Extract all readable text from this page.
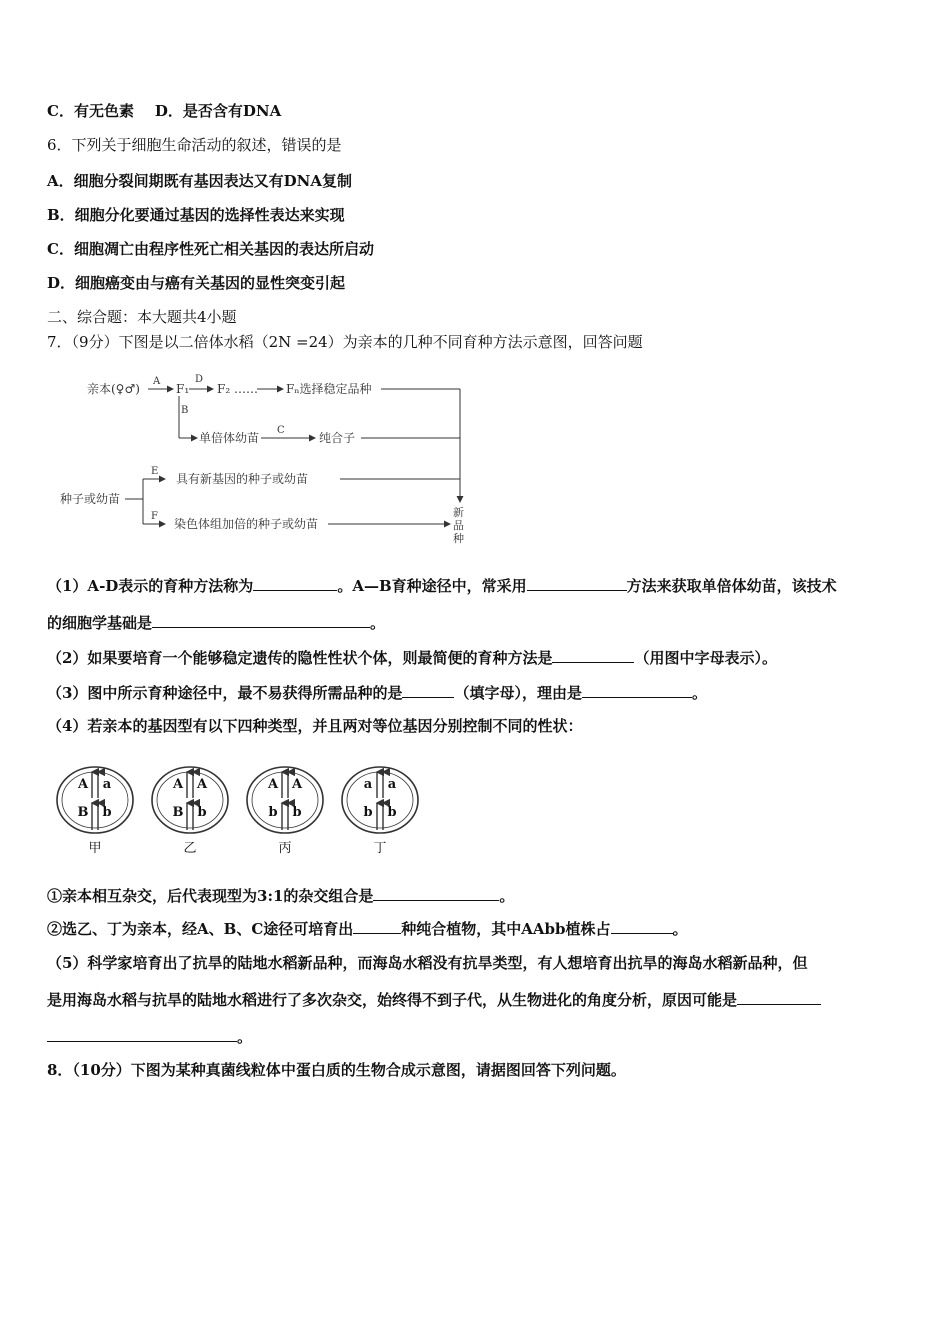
C．有无色素 D．是否含有DNA
6．下列关于细胞生命活动的叙述，错误的是
A．细胞分裂间期既有基因表达又有DNA复制
B．细胞分化要通过基因的选择性表达来实现
C．细胞凋亡由程序性死亡相关基因的表达所启动
D．细胞癌变由与癌有关基因的显性突变引起
二、综合题：本大题共4小题
7．（9分）下图是以二倍体水稻（2N =24）为亲本的几种不同育种方法示意图，回答问题
亲本(♀♂)
A
F₁
D
F₂ …… Fₙ选择稳定品种
B
单倍体幼苗
C
纯合子
种子或幼苗
E
具有新基因的种子或幼苗
F
染色体组加倍的种子或幼苗
新
品
种
（1）A-D表示的育种方法称为	。A—B育种途径中，常采用	方法来获取单倍体幼苗，该技术
的细胞学基础是	。
（2）如果要培育一个能够稳定遗传的隐性性状个体，则最简便的育种方法是	（用图中字母表示）。
（3）图中所示育种途径中，最不易获得所需品种的是	（填字母），理由是	。
（4）若亲本的基因型有以下四种类型，并且两对等位基因分别控制不同的性状：
A a
B b
甲
A A
B b
乙
A A
b b
丙
a a
b b
丁
①亲本相互杂交，后代表现型为3:1的杂交组合是	。
②选乙、丁为亲本，经A、B、C途径可培育出	种纯合植物，其中AAbb植株占	。
（5）科学家培育出了抗旱的陆地水稻新品种，而海岛水稻没有抗旱类型，有人想培育出抗旱的海岛水稻新品种，但
是用海岛水稻与抗旱的陆地水稻进行了多次杂交，始终得不到子代，从生物进化的角度分析，原因可能是
。
8．（10分）下图为某种真菌线粒体中蛋白质的生物合成示意图，请据图回答下列问题。
